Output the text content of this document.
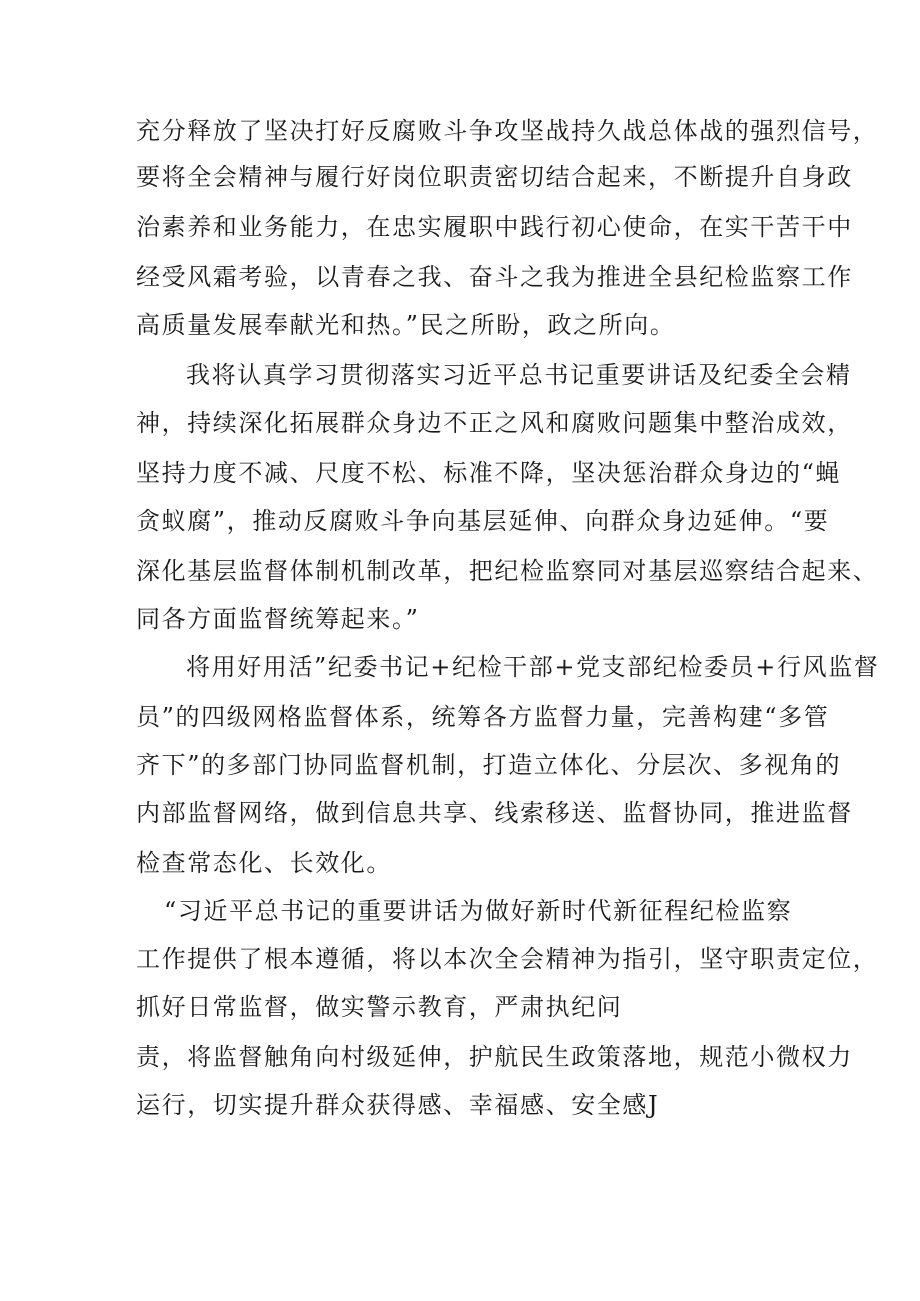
充分释放了坚决打好反腐败斗争攻坚战持久战总体战的强烈信号，
要将全会精神与履行好岗位职责密切结合起来，不断提升自身政
治素养和业务能力，在忠实履职中践行初心使命，在实干苦干中
经受风霜考验，以青春之我、奋斗之我为推进全县纪检监察工作
高质量发展奉献光和热。”民之所盼，政之所向。
我将认真学习贯彻落实习近平总书记重要讲话及纪委全会精
神，持续深化拓展群众身边不正之风和腐败问题集中整治成效，
坚持力度不减、尺度不松、标准不降，坚决惩治群众身边的“蝇
贪蚁腐”，推动反腐败斗争向基层延伸、向群众身边延伸。“要
深化基层监督体制机制改革，把纪检监察同对基层巡察结合起来、
同各方面监督统筹起来。”
将用好用活”纪委书记+纪检干部+党支部纪检委员+行风监督
员”的四级网格监督体系，统筹各方监督力量，完善构建“多管
齐下”的多部门协同监督机制，打造立体化、分层次、多视角的
内部监督网络，做到信息共享、线索移送、监督协同，推进监督
检查常态化、长效化。
“习近平总书记的重要讲话为做好新时代新征程纪检监察
工作提供了根本遵循，将以本次全会精神为指引，坚守职责定位，
抓好日常监督，做实警示教育，严肃执纪问
责，将监督触角向村级延伸，护航民生政策落地，规范小微权力
运行，切实提升群众获得感、幸福感、安全感J
